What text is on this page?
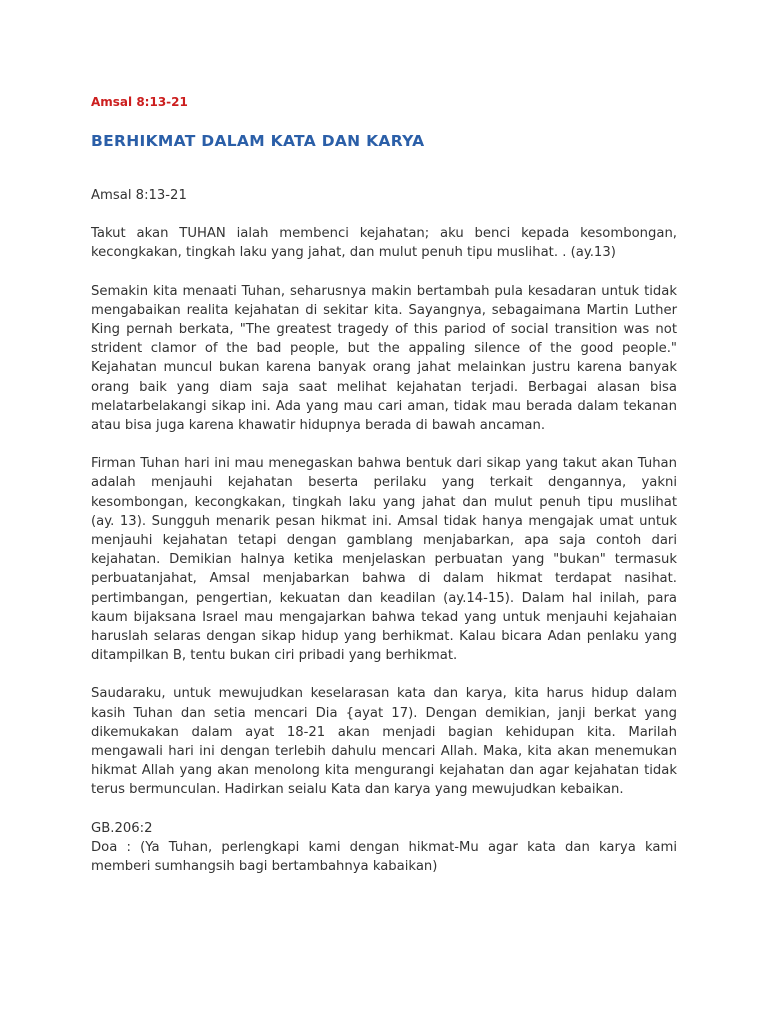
Amsal 8:13-21

BERHIKMAT DALAM KATA DAN KARYA

Amsal 8:13-21

Takut akan TUHAN ialah membenci kejahatan; aku benci kepada kesombongan, kecongkakan, tingkah laku yang jahat, dan mulut penuh tipu muslihat. . (ay.13)

Semakin kita menaati Tuhan, seharusnya makin bertambah pula kesadaran untuk tidak mengabaikan realita kejahatan di sekitar kita. Sayangnya, sebagaimana Martin Luther King pernah berkata, "The greatest tragedy of this pariod of social transition was not strident clamor of the bad people, but the appaling silence of the good people." Kejahatan muncul bukan karena banyak orang jahat melainkan justru karena banyak orang baik yang diam saja saat melihat kejahatan terjadi. Berbagai alasan bisa melatarbelakangi sikap ini. Ada yang mau cari aman, tidak mau berada dalam tekanan atau bisa juga karena khawatir hidupnya berada di bawah ancaman.

Firman Tuhan hari ini mau menegaskan bahwa bentuk dari sikap yang takut akan Tuhan adalah menjauhi kejahatan beserta perilaku yang terkait dengannya, yakni kesombongan, kecongkakan, tingkah laku yang jahat dan mulut penuh tipu muslihat (ay. 13). Sungguh menarik pesan hikmat ini. Amsal tidak hanya mengajak umat untuk menjauhi kejahatan tetapi dengan gamblang menjabarkan, apa saja contoh dari kejahatan. Demikian halnya ketika menjelaskan perbuatan yang "bukan" termasuk perbuatanjahat, Amsal menjabarkan bahwa di dalam hikmat terdapat nasihat. pertimbangan, pengertian, kekuatan dan keadilan (ay.14-15). Dalam hal inilah, para kaum bijaksana Israel mau mengajarkan bahwa tekad yang untuk menjauhi kejahaian haruslah selaras dengan sikap hidup yang berhikmat. Kalau bicara Adan penlaku yang ditampilkan B, tentu bukan ciri pribadi yang berhikmat.

Saudaraku, untuk mewujudkan keselarasan kata dan karya, kita harus hidup dalam kasih Tuhan dan setia mencari Dia {ayat 17). Dengan demikian, janji berkat yang dikemukakan dalam ayat 18-21 akan menjadi bagian kehidupan kita. Marilah mengawali hari ini dengan terlebih dahulu mencari Allah. Maka, kita akan menemukan hikmat Allah yang akan menolong kita mengurangi kejahatan dan agar kejahatan tidak terus bermunculan. Hadirkan seialu Kata dan karya yang mewujudkan kebaikan.

GB.206:2

Doa : (Ya Tuhan, perlengkapi kami dengan hikmat-Mu agar kata dan karya kami memberi sumhangsih bagi bertambahnya kabaikan)
